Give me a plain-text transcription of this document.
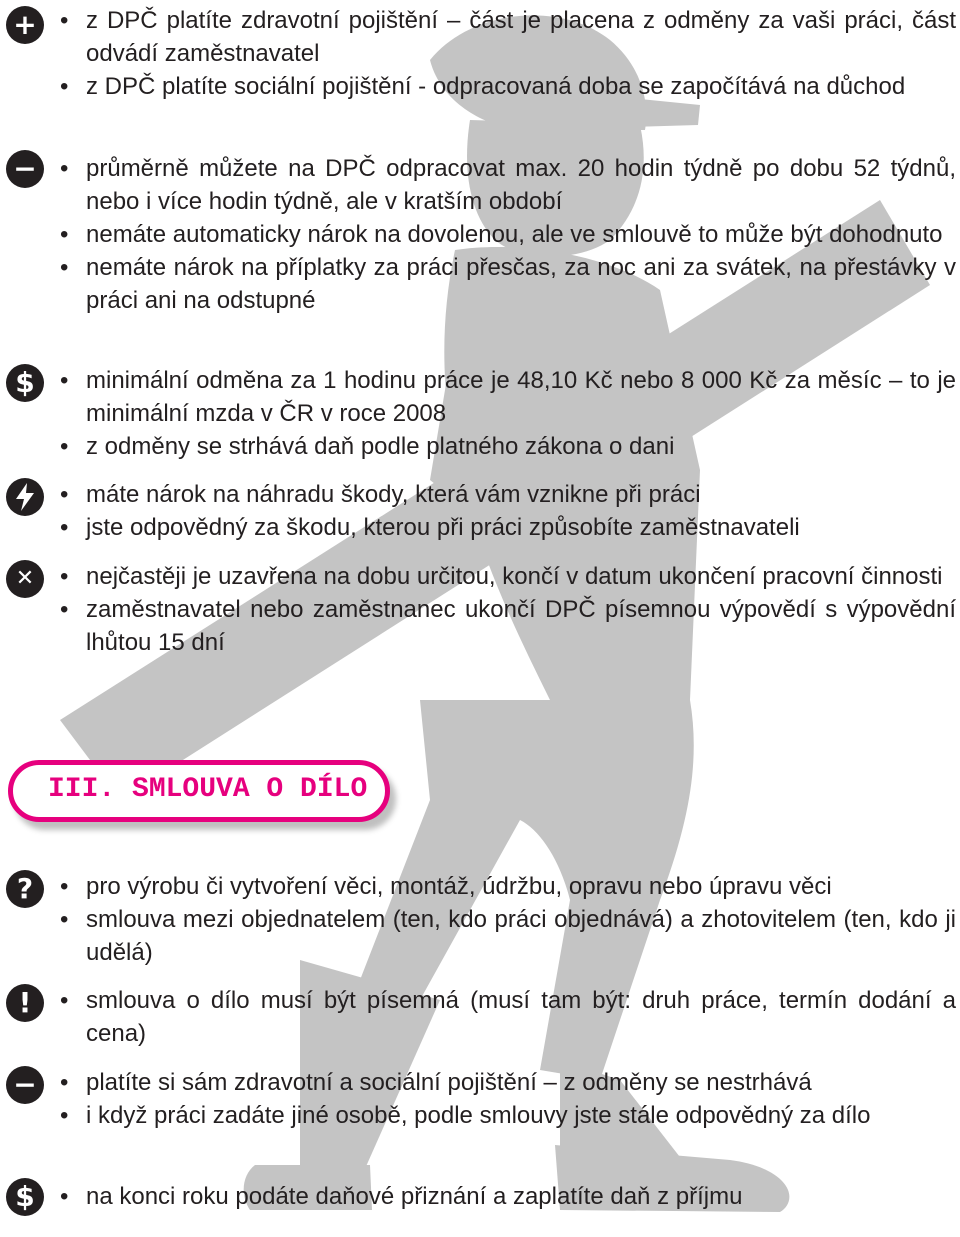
+	• z DPČ platíte zdravotní pojištění – část je placena z odměny za vaši práci, část odvádí zaměstnavatel
• z DPČ platíte sociální pojištění - odpracovaná doba se započítává na důchod
−	• průměrně můžete na DPČ odpracovat max. 20 hodin týdně po dobu 52 týdnů, nebo i více hodin týdně, ale v kratším období
• nemáte automaticky nárok na dovolenou, ale ve smlouvě to může být dohodnuto
• nemáte nárok na příplatky za práci přesčas, za noc ani za svátek, na přestávky v práci ani na odstupné
$	• minimální odměna za 1 hodinu práce je 48,10 Kč nebo 8 000 Kč za měsíc – to je minimální mzda v ČR v roce 2008
• z odměny se strhává daň podle platného zákona o dani
• máte nárok na náhradu škody, která vám vznikne při práci
• jste odpovědný za škodu, kterou při práci způsobíte zaměstnavateli
✕	• nejčastěji je uzavřena na dobu určitou, končí v datum ukončení pracovní činnosti
• zaměstnavatel nebo zaměstnanec ukončí DPČ písemnou výpovědí s výpovědní lhůtou 15 dní
III. SMLOUVA O DÍLO
?	• pro výrobu či vytvoření věci, montáž, údržbu, opravu nebo úpravu věci
• smlouva mezi objednatelem (ten, kdo práci objednává) a zhotovitelem (ten, kdo ji udělá)
!	• smlouva o dílo musí být písemná (musí tam být: druh práce, termín dodání a cena)
−	• platíte si sám zdravotní a sociální pojištění – z odměny se nestrhává
• i když práci zadáte jiné osobě, podle smlouvy jste stále odpovědný za dílo
$	• na konci roku podáte daňové přiznání a zaplatíte daň z příjmu
